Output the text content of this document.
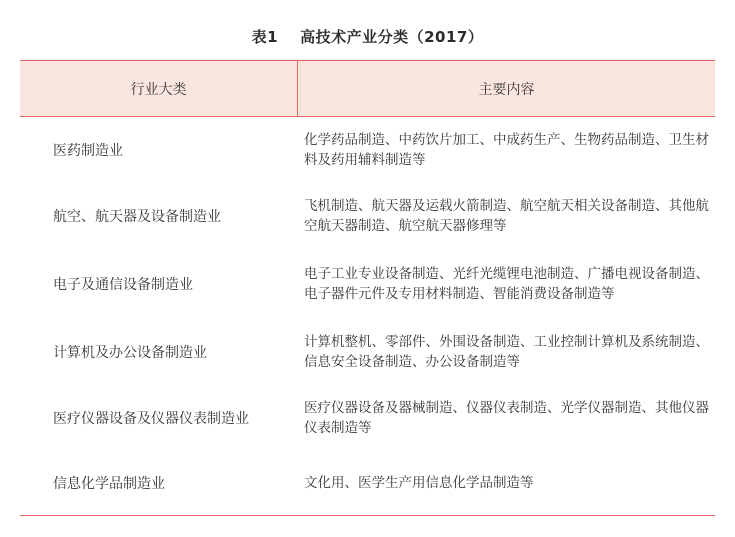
表1 高技术产业分类（2017）
行业大类	主要内容
医药制造业
化学药品制造、中药饮片加工、中成药生产、生物药品制造、卫生材料及药用辅料制造等
航空、航天器及设备制造业
飞机制造、航天器及运载火箭制造、航空航天相关设备制造、其他航空航天器制造、航空航天器修理等
电子及通信设备制造业
电子工业专业设备制造、光纤光缆锂电池制造、广播电视设备制造、电子器件元件及专用材料制造、智能消费设备制造等
计算机及办公设备制造业
计算机整机、零部件、外围设备制造、工业控制计算机及系统制造、信息安全设备制造、办公设备制造等
医疗仪器设备及仪器仪表制造业
医疗仪器设备及器械制造、仪器仪表制造、光学仪器制造、其他仪器仪表制造等
信息化学品制造业	文化用、医学生产用信息化学品制造等
